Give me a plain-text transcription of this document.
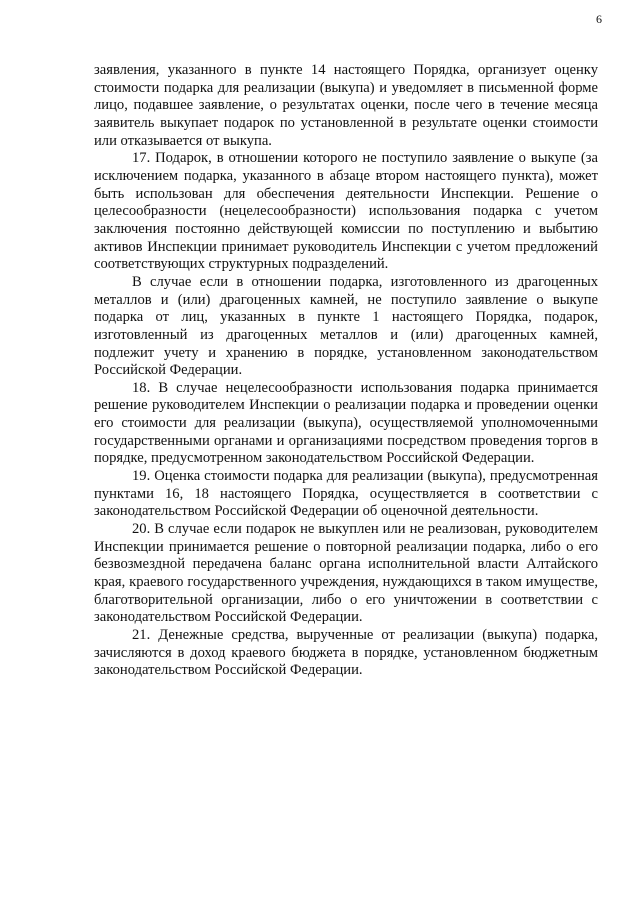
6

заявления, указанного в пункте 14 настоящего Порядка, организует оценку стоимости подарка для реализации (выкупа) и уведомляет в письменной форме лицо, подавшее заявление, о результатах оценки, после чего в течение месяца заявитель выкупает подарок по установленной в результате оценки стоимости или отказывается от выкупа.

17. Подарок, в отношении которого не поступило заявление о выкупе (за исключением подарка, указанного в абзаце втором настоящего пункта), может быть использован для обеспечения деятельности Инспекции. Решение о целесообразности (нецелесообразности) использования подарка с учетом заключения постоянно действующей комиссии по поступлению и выбытию активов Инспекции принимает руководитель Инспекции с учетом предложений соответствующих структурных подразделений.

В случае если в отношении подарка, изготовленного из драгоценных металлов и (или) драгоценных камней, не поступило заявление о выкупе подарка от лиц, указанных в пункте 1 настоящего Порядка, подарок, изготовленный из драгоценных металлов и (или) драгоценных камней, подлежит учету и хранению в порядке, установленном законодательством Российской Федерации.

18. В случае нецелесообразности использования подарка принимается решение руководителем Инспекции о реализации подарка и проведении оценки его стоимости для реализации (выкупа), осуществляемой уполномоченными государственными органами и организациями посредством проведения торгов в порядке, предусмотренном законодательством Российской Федерации.

19. Оценка стоимости подарка для реализации (выкупа), предусмотренная пунктами 16, 18 настоящего Порядка, осуществляется в соответствии с законодательством Российской Федерации об оценочной деятельности.

20. В случае если подарок не выкуплен или не реализован, руководителем Инспекции принимается решение о повторной реализации подарка, либо о его безвозмездной передачена баланс органа исполнительной власти Алтайского края, краевого государственного учреждения, нуждающихся в таком имуществе, благотворительной организации, либо о его уничтожении в соответствии с законодательством Российской Федерации.

21. Денежные средства, вырученные от реализации (выкупа) подарка, зачисляются в доход краевого бюджета в порядке, установленном бюджетным законодательством Российской Федерации.
